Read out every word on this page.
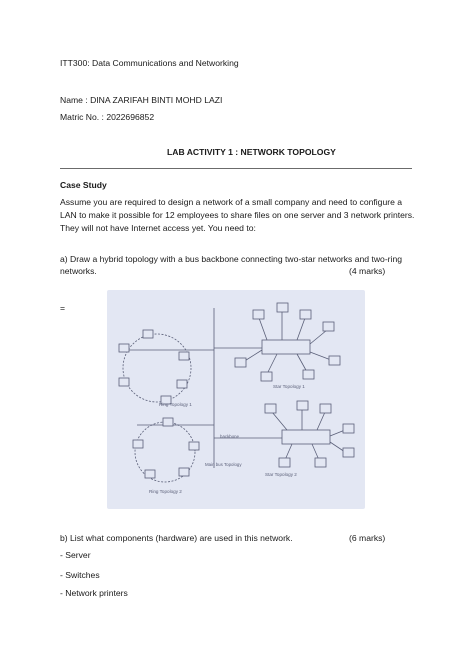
ITT300: Data Communications and Networking
Name : DINA ZARIFAH BINTI MOHD LAZI
Matric No. : 2022696852
LAB ACTIVITY 1 : NETWORK TOPOLOGY
Case Study
Assume you are required to design a network of a small company and need to configure a LAN to make it possible for 12 employees to share files on one server and 3 network printers. They will not have Internet access yet. You need to:
a) Draw a hybrid topology with a bus backbone connecting two-star networks and two-ring
networks.	(4 marks)
=
Ring Topology 1
Ring Topology 2
Star Topology 1
Star Topology 2
backbone
Main bus Topology
b) List what components (hardware) are used in this network.	(6 marks)
- Server
- Switches
- Network printers
